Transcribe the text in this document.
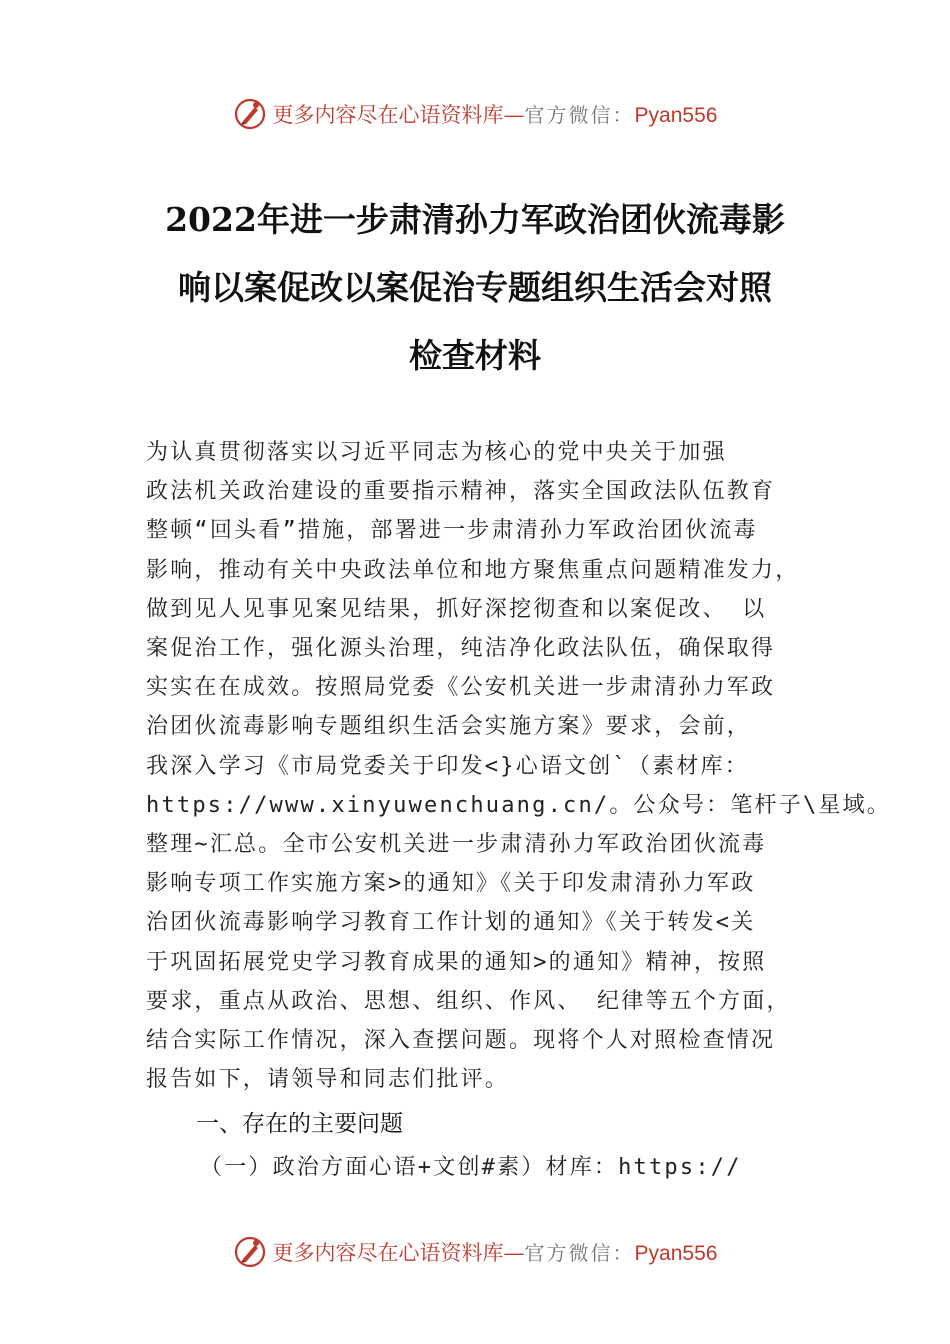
更多内容尽在心语资料库 — 官方微信： Pyan556
2022年进一步肃清孙力军政治团伙流毒影
响以案促改以案促治专题组织生活会对照
检查材料
为认真贯彻落实以习近平同志为核心的党中央关于加强
政法机关政治建设的重要指示精神，落实全国政法队伍教育
整顿“回头看”措施，部署进一步肃清孙力军政治团伙流毒
影响，推动有关中央政法单位和地方聚焦重点问题精准发力，
做到见人见事见案见结果，抓好深挖彻查和以案促改、 以
案促治工作，强化源头治理，纯洁净化政法队伍，确保取得
实实在在成效。按照局党委《公安机关进一步肃清孙力军政
治团伙流毒影响专题组织生活会实施方案》要求，会前，
我深入学习《市局党委关于印发<}心语文创`（素材库：
https://www.xinyuwenchuang.cn/。公众号：笔杆子\星域。
整理~汇总。全市公安机关进一步肃清孙力军政治团伙流毒
影响专项工作实施方案>的通知》《关于印发肃清孙力军政
治团伙流毒影响学习教育工作计划的通知》《关于转发<关
于巩固拓展党史学习教育成果的通知>的通知》精神，按照
要求，重点从政治、思想、组织、作风、 纪律等五个方面，
结合实际工作情况，深入查摆问题。现将个人对照检查情况
报告如下，请领导和同志们批评。
一、存在的主要问题
（一）政治方面心语+文创#素）材库：https://
更多内容尽在心语资料库 — 官方微信： Pyan556
